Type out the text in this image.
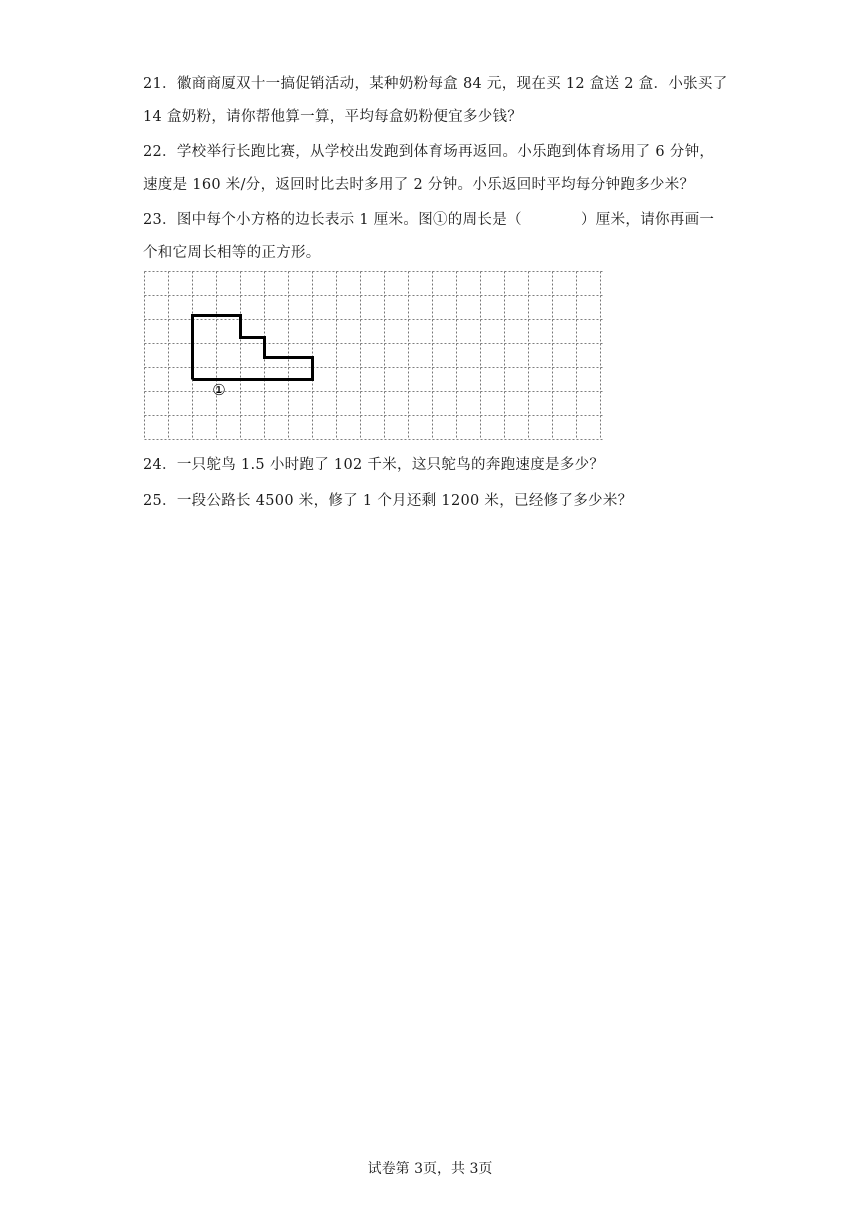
21．徽商商厦双十一搞促销活动，某种奶粉每盒 84 元，现在买 12 盒送 2 盒．小张买了
14 盒奶粉，请你帮他算一算，平均每盒奶粉便宜多少钱？
22．学校举行长跑比赛，从学校出发跑到体育场再返回。小乐跑到体育场用了 6 分钟，
速度是 160 米/分，返回时比去时多用了 2 分钟。小乐返回时平均每分钟跑多少米？
23．图中每个小方格的边长表示 1 厘米。图①的周长是（　　　　）厘米，请你再画一
个和它周长相等的正方形。
①
24．一只鸵鸟 1.5 小时跑了 102 千米，这只鸵鸟的奔跑速度是多少？
25．一段公路长 4500 米，修了 1 个月还剩 1200 米，已经修了多少米？
试卷第 3页，共 3页
